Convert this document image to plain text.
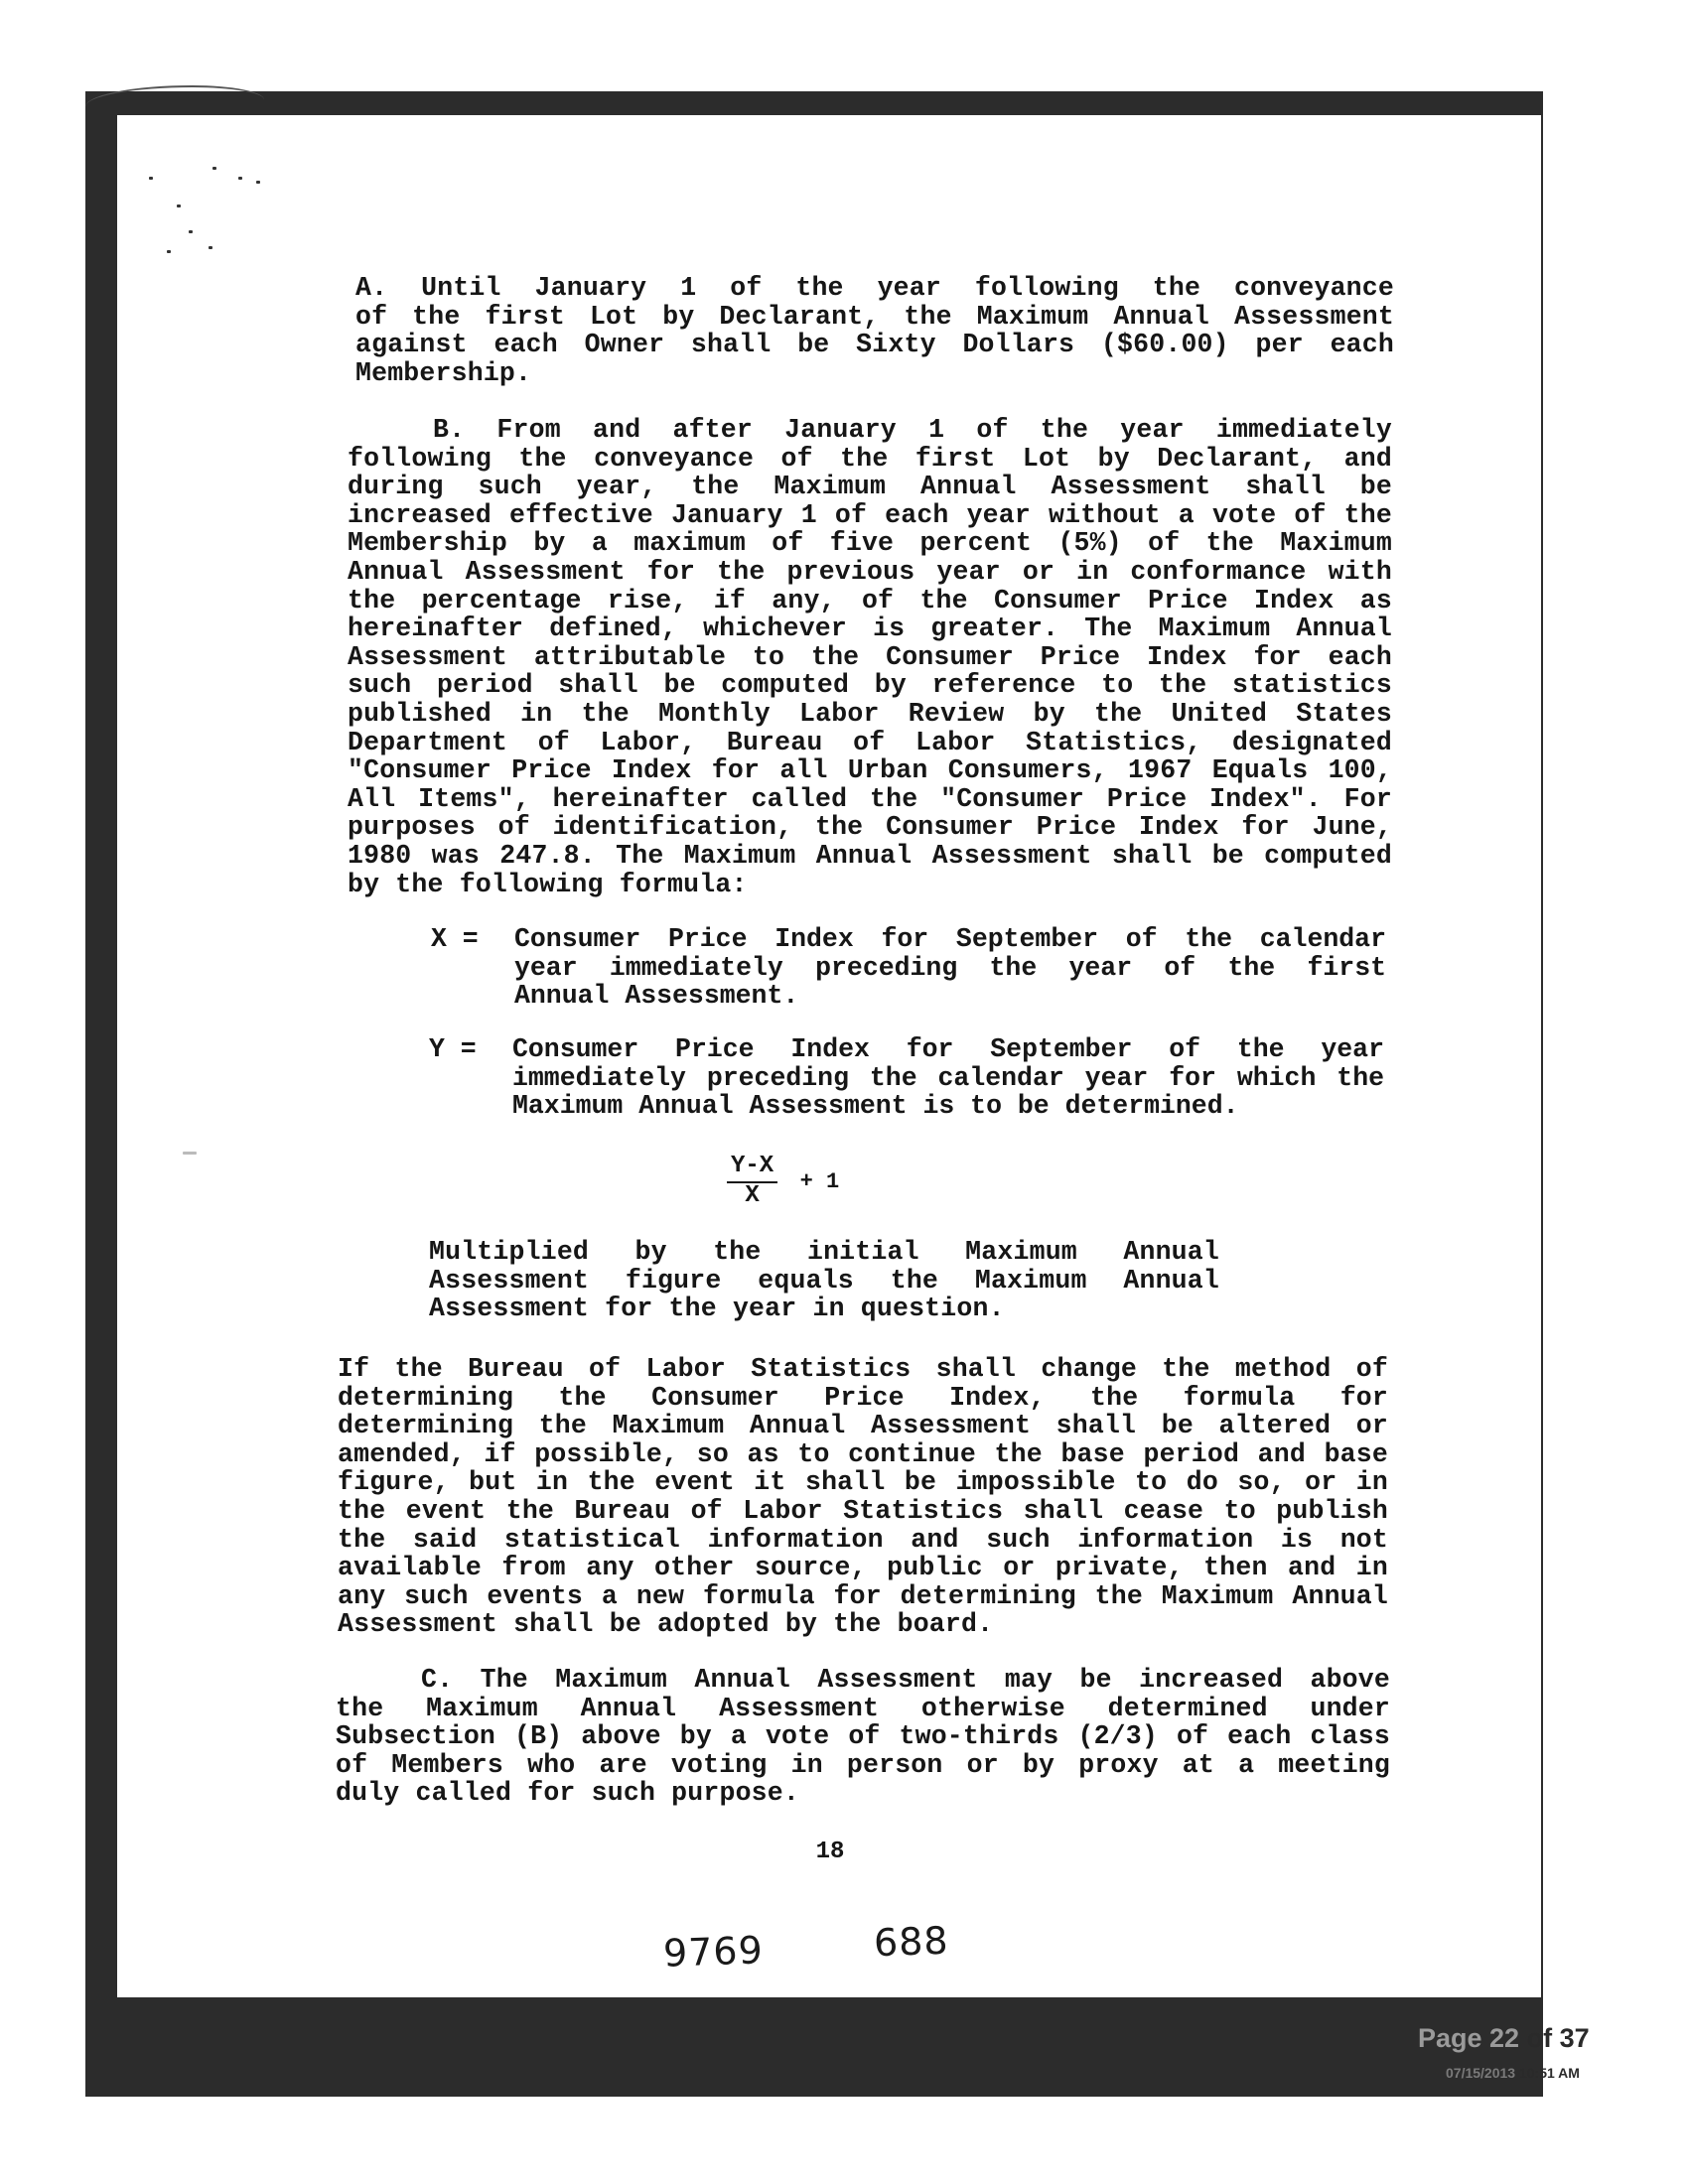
A. Until January 1 of the year following the conveyance
of the first Lot by Declarant, the Maximum Annual Assessment
against each Owner shall be Sixty Dollars ($60.00) per each
Membership.
B. From and after January 1 of the year immediately
following the conveyance of the first Lot by Declarant, and
during such year, the Maximum Annual Assessment shall be
increased effective January 1 of each year without a vote of the
Membership by a maximum of five percent (5%) of the Maximum
Annual Assessment for the previous year or in conformance with
the percentage rise, if any, of the Consumer Price Index as
hereinafter defined, whichever is greater. The Maximum Annual
Assessment attributable to the Consumer Price Index for each
such period shall be computed by reference to the statistics
published in the Monthly Labor Review by the United States
Department of Labor, Bureau of Labor Statistics, designated
"Consumer Price Index for all Urban Consumers, 1967 Equals 100,
All Items", hereinafter called the "Consumer Price Index". For
purposes of identification, the Consumer Price Index for June,
1980 was 247.8. The Maximum Annual Assessment shall be computed
by the following formula:
X =	Consumer Price Index for September of the calendar
year immediately preceding the year of the first
Annual Assessment.
Y =	Consumer Price Index for September of the year
immediately preceding the calendar year for which the
Maximum Annual Assessment is to be determined.
$\frac{Y-X}{X} + 1$
Multiplied by the initial Maximum Annual
Assessment figure equals the Maximum Annual
Assessment for the year in question.
If the Bureau of Labor Statistics shall change the method of
determining the Consumer Price Index, the formula for
determining the Maximum Annual Assessment shall be altered or
amended, if possible, so as to continue the base period and base
figure, but in the event it shall be impossible to do so, or in
the event the Bureau of Labor Statistics shall cease to publish
the said statistical information and such information is not
available from any other source, public or private, then and in
any such events a new formula for determining the Maximum Annual
Assessment shall be adopted by the board.
C. The Maximum Annual Assessment may be increased above
the Maximum Annual Assessment otherwise determined under
Subsection (B) above by a vote of two-thirds (2/3) of each class
of Members who are voting in person or by proxy at a meeting
duly called for such purpose.
18
9769	688
Page 22 of 37
07/15/2013 10:51 AM
